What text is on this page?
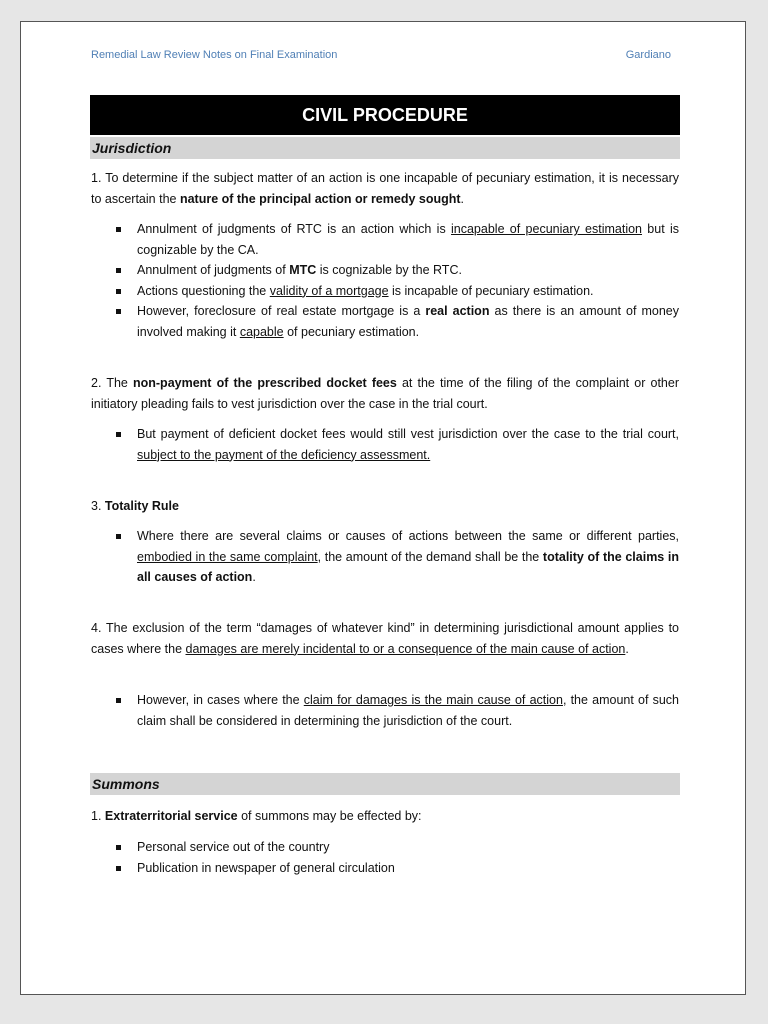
Remedial Law Review Notes on Final Examination	Gardiano
CIVIL PROCEDURE
Jurisdiction
1. To determine if the subject matter of an action is one incapable of pecuniary estimation, it is necessary to ascertain the nature of the principal action or remedy sought.
Annulment of judgments of RTC is an action which is incapable of pecuniary estimation but is cognizable by the CA.
Annulment of judgments of MTC is cognizable by the RTC.
Actions questioning the validity of a mortgage is incapable of pecuniary estimation.
However, foreclosure of real estate mortgage is a real action as there is an amount of money involved making it capable of pecuniary estimation.
2. The non-payment of the prescribed docket fees at the time of the filing of the complaint or other initiatory pleading fails to vest jurisdiction over the case in the trial court.
But payment of deficient docket fees would still vest jurisdiction over the case to the trial court, subject to the payment of the deficiency assessment.
3. Totality Rule
Where there are several claims or causes of actions between the same or different parties, embodied in the same complaint, the amount of the demand shall be the totality of the claims in all causes of action.
4. The exclusion of the term “damages of whatever kind” in determining jurisdictional amount applies to cases where the damages are merely incidental to or a consequence of the main cause of action.
However, in cases where the claim for damages is the main cause of action, the amount of such claim shall be considered in determining the jurisdiction of the court.
Summons
1. Extraterritorial service of summons may be effected by:
Personal service out of the country
Publication in newspaper of general circulation
